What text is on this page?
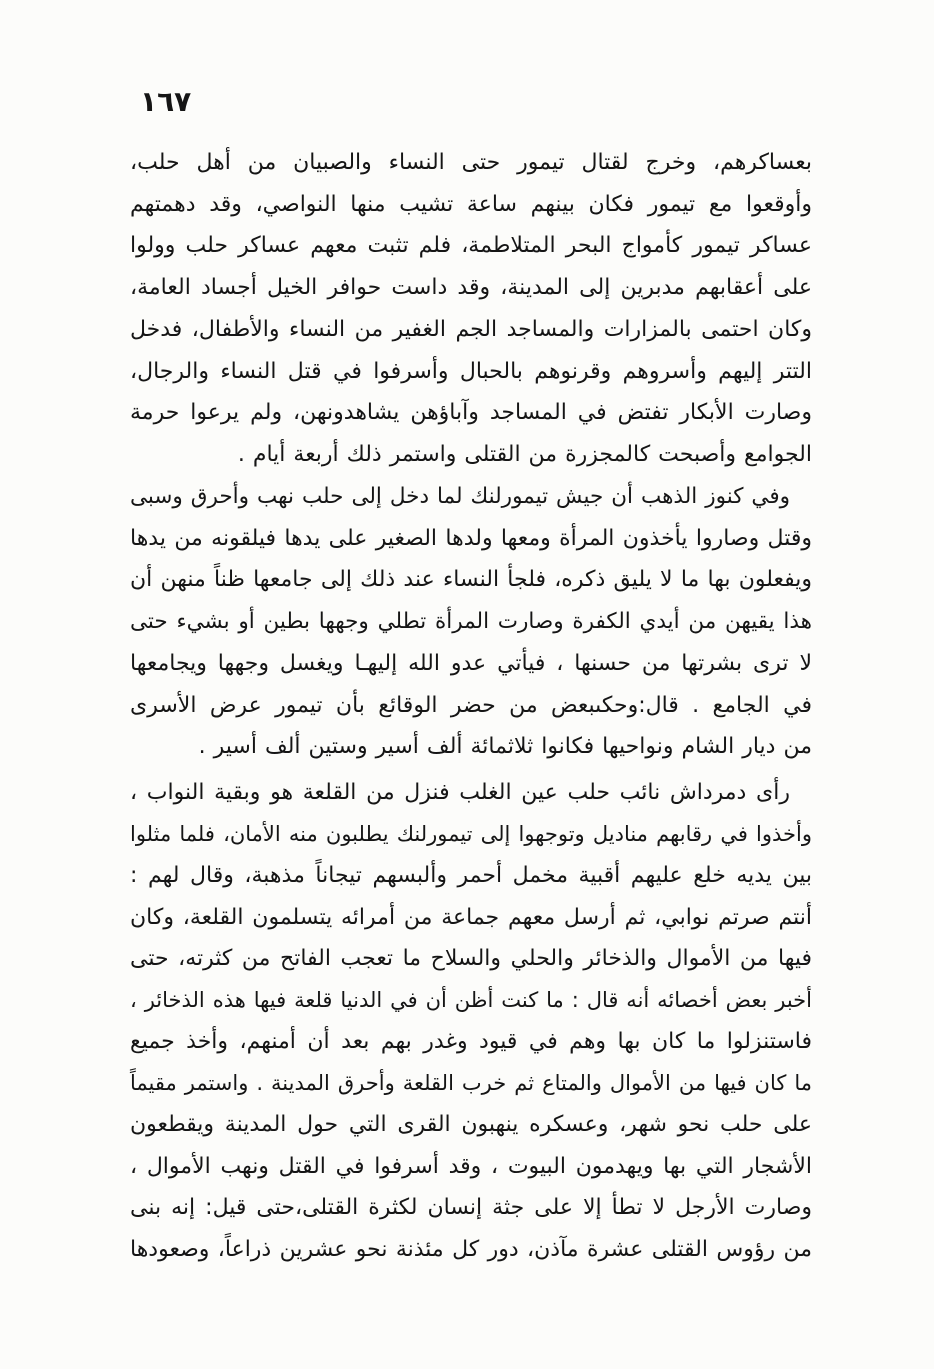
١٦٧
بعساكرهم، وخرج لقتال تيمور حتى النساء والصبيان من أهل حلب،
وأوقعوا مع تيمور فكان بينهم ساعة تشيب منها النواصي، وقد دهمتهم
عساكر تيمور كأمواج البحر المتلاطمة، فلم تثبت معهم عساكر حلب وولوا
على أعقابهم مدبرين إلى المدينة، وقد داست حوافر الخيل أجساد العامة،
وكان احتمى بالمزارات والمساجد الجم الغفير من النساء والأطفال، فدخل
التتر إليهم وأسروهم وقرنوهم بالحبال وأسرفوا في قتل النساء والرجال،
وصارت الأبكار تفتض في المساجد وآباؤهن يشاهدونهن، ولم يرعوا حرمة
الجوامع وأصبحت كالمجزرة من القتلى واستمر ذلك أربعة أيام .
وفي كنوز الذهب أن جيش تيمورلنك لما دخل إلى حلب نهب وأحرق وسبى
وقتل وصاروا يأخذون المرأة ومعها ولدها الصغير على يدها فيلقونه من يدها
ويفعلون بها ما لا يليق ذكره، فلجأ النساء عند ذلك إلى جامعها ظناً منهن أن
هذا يقيهن من أيدي الكفرة وصارت المرأة تطلي وجهها بطين أو بشيء حتى
لا ترى بشرتها من حسنها ، فيأتي عدو الله إليهـا ويغسل وجهها ويجامعها
في الجامع . قال:وحكىبعض من حضر الوقائع بأن تيمور عرض الأسرى
من ديار الشام ونواحيها فكانوا ثلاثمائة ألف أسير وستين ألف أسير .
رأى دمرداش نائب حلب عين الغلب فنزل من القلعة هو وبقية النواب ،
وأخذوا في رقابهم مناديل وتوجهوا إلى تيمورلنك يطلبون منه الأمان، فلما مثلوا
بين يديه خلع عليهم أقبية مخمل أحمر وألبسهم تيجاناً مذهبة، وقال لهم :
أنتم صرتم نوابي، ثم أرسل معهم جماعة من أمرائه يتسلمون القلعة، وكان
فيها من الأموال والذخائر والحلي والسلاح ما تعجب الفاتح من كثرته، حتى
أخبر بعض أخصائه أنه قال : ما كنت أظن أن في الدنيا قلعة فيها هذه الذخائر ،
فاستنزلوا ما كان بها وهم في قيود وغدر بهم بعد أن أمنهم، وأخذ جميع
ما كان فيها من الأموال والمتاع ثم خرب القلعة وأحرق المدينة . واستمر مقيماً
على حلب نحو شهر، وعسكره ينهبون القرى التي حول المدينة ويقطعون
الأشجار التي بها ويهدمون البيوت ، وقد أسرفوا في القتل ونهب الأموال ،
وصارت الأرجل لا تطأ إلا على جثة إنسان لكثرة القتلى،حتى قيل: إنه بنى
من رؤوس القتلى عشرة مآذن، دور كل مئذنة نحو عشرين ذراعاً، وصعودها
